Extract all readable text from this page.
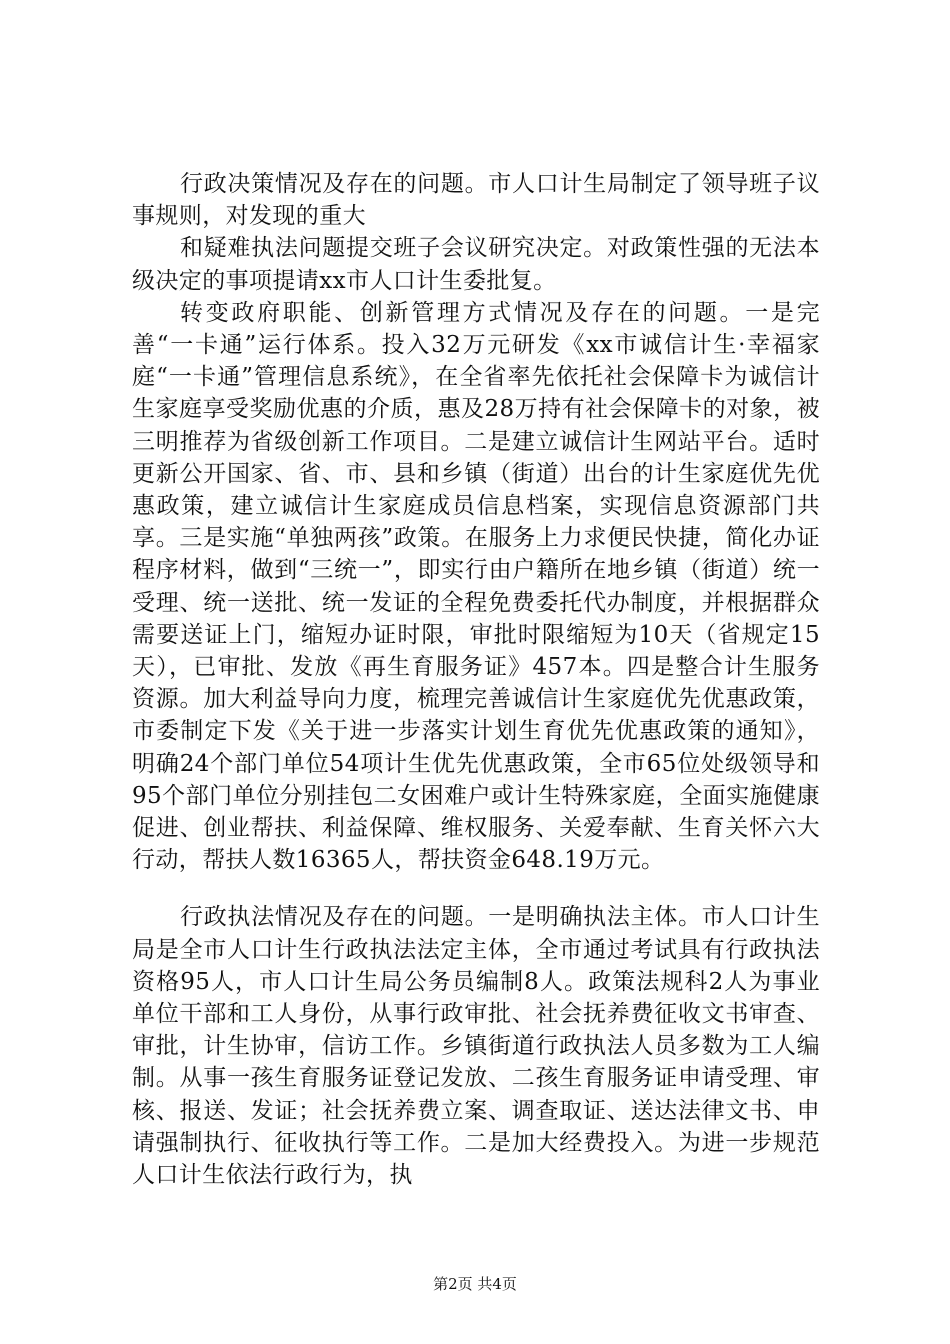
行政决策情况及存在的问题。市人口计生局制定了领导班子议事规则，对发现的重大

和疑难执法问题提交班子会议研究决定。对政策性强的无法本级决定的事项提请xx市人口计生委批复。

转变政府职能、创新管理方式情况及存在的问题。一是完善“一卡通”运行体系。投入32万元研发《xx市诚信计生·幸福家庭“一卡通”管理信息系统》，在全省率先依托社会保障卡为诚信计生家庭享受奖励优惠的介质，惠及28万持有社会保障卡的对象，被三明推荐为省级创新工作项目。二是建立诚信计生网站平台。适时更新公开国家、省、市、县和乡镇（街道）出台的计生家庭优先优惠政策，建立诚信计生家庭成员信息档案，实现信息资源部门共享。三是实施“单独两孩”政策。在服务上力求便民快捷，简化办证程序材料，做到“三统一”，即实行由户籍所在地乡镇（街道）统一受理、统一送批、统一发证的全程免费委托代办制度，并根据群众需要送证上门，缩短办证时限，审批时限缩短为10天（省规定15天），已审批、发放《再生育服务证》457本。四是整合计生服务资源。加大利益导向力度，梳理完善诚信计生家庭优先优惠政策，市委制定下发《关于进一步落实计划生育优先优惠政策的通知》，明确24个部门单位54项计生优先优惠政策，全市65位处级领导和95个部门单位分别挂包二女困难户或计生特殊家庭，全面实施健康促进、创业帮扶、利益保障、维权服务、关爱奉献、生育关怀六大行动，帮扶人数16365人，帮扶资金648.19万元。

行政执法情况及存在的问题。一是明确执法主体。市人口计生局是全市人口计生行政执法法定主体，全市通过考试具有行政执法资格95人，市人口计生局公务员编制8人。政策法规科2人为事业单位干部和工人身份，从事行政审批、社会抚养费征收文书审查、审批，计生协审，信访工作。乡镇街道行政执法人员多数为工人编制。从事一孩生育服务证登记发放、二孩生育服务证申请受理、审核、报送、发证；社会抚养费立案、调查取证、送达法律文书、申请强制执行、征收执行等工作。二是加大经费投入。为进一步规范人口计生依法行政行为，执

第2页 共4页
